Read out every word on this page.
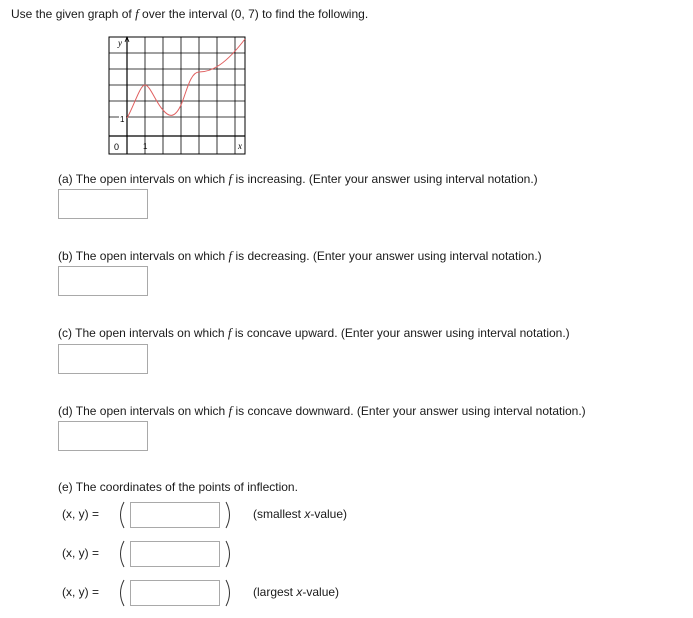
Use the given graph of f over the interval (0, 7) to find the following.
y
0	1
1
x
(a) The open intervals on which f is increasing. (Enter your answer using interval notation.)
(b) The open intervals on which f is decreasing. (Enter your answer using interval notation.)
(c) The open intervals on which f is concave upward. (Enter your answer using interval notation.)
(d) The open intervals on which f is concave downward. (Enter your answer using interval notation.)
(e) The coordinates of the points of inflection.
(x, y) =	(smallest x-value)
(x, y) =
(x, y) =	(largest x-value)
